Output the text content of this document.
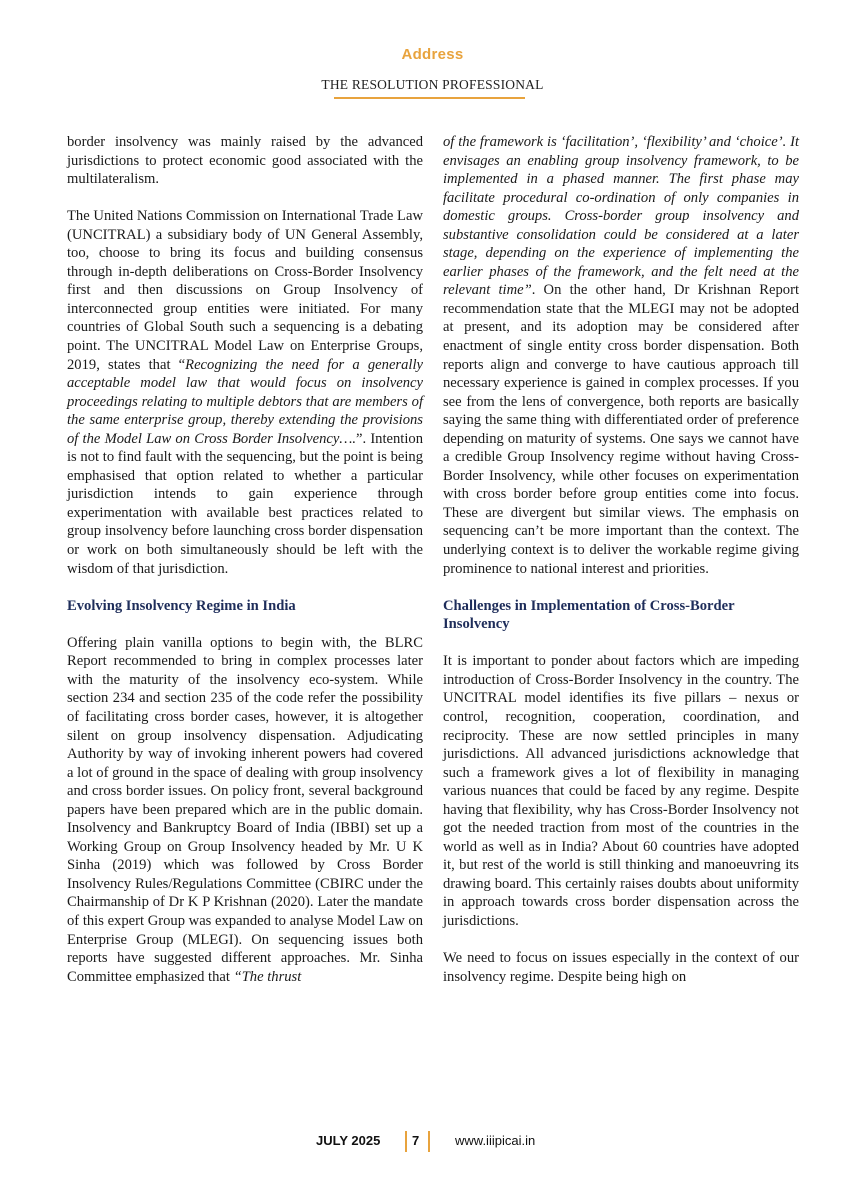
Address
THE RESOLUTION PROFESSIONAL

border insolvency was mainly raised by the advanced jurisdictions to protect economic good associated with the multilateralism.

The United Nations Commission on International Trade Law (UNCITRAL) a subsidiary body of UN General Assembly, too, choose to bring its focus and building consensus through in-depth deliberations on Cross-Border Insolvency first and then discussions on Group Insolvency of interconnected group entities were initiated. For many countries of Global South such a sequencing is a debating point. The UNCITRAL Model Law on Enterprise Groups, 2019, states that “Recognizing the need for a generally acceptable model law that would focus on insolvency proceedings relating to multiple debtors that are members of the same enterprise group, thereby extending the provisions of the Model Law on Cross Border Insolvency….”. Intention is not to find fault with the sequencing, but the point is being emphasised that option related to whether a particular jurisdiction intends to gain experience through experimentation with available best practices related to group insolvency before launching cross border dispensation or work on both simultaneously should be left with the wisdom of that jurisdiction.

Evolving Insolvency Regime in India

Offering plain vanilla options to begin with, the BLRC Report recommended to bring in complex processes later with the maturity of the insolvency eco-system. While section 234 and section 235 of the code refer the possibility of facilitating cross border cases, however, it is altogether silent on group insolvency dispensation. Adjudicating Authority by way of invoking inherent powers had covered a lot of ground in the space of dealing with group insolvency and cross border issues. On policy front, several background papers have been prepared which are in the public domain. Insolvency and Bankruptcy Board of India (IBBI) set up a Working Group on Group Insolvency headed by Mr. U K Sinha (2019) which was followed by Cross Border Insolvency Rules/Regulations Committee (CBIRC under the Chairmanship of Dr K P Krishnan (2020). Later the mandate of this expert Group was expanded to analyse Model Law on Enterprise Group (MLEGI). On sequencing issues both reports have suggested different approaches. Mr. Sinha Committee emphasized that “The thrust

of the framework is ‘facilitation’, ‘flexibility’ and ‘choice’. It envisages an enabling group insolvency framework, to be implemented in a phased manner. The first phase may facilitate procedural co-ordination of only companies in domestic groups. Cross-border group insolvency and substantive consolidation could be considered at a later stage, depending on the experience of implementing the earlier phases of the framework, and the felt need at the relevant time”. On the other hand, Dr Krishnan Report recommendation state that the MLEGI may not be adopted at present, and its adoption may be considered after enactment of single entity cross border dispensation. Both reports align and converge to have cautious approach till necessary experience is gained in complex processes. If you see from the lens of convergence, both reports are basically saying the same thing with differentiated order of preference depending on maturity of systems. One says we cannot have a credible Group Insolvency regime without having Cross-Border Insolvency, while other focuses on experimentation with cross border before group entities come into focus. These are divergent but similar views. The emphasis on sequencing can’t be more important than the context. The underlying context is to deliver the workable regime giving prominence to national interest and priorities.

Challenges in Implementation of Cross-Border Insolvency

It is important to ponder about factors which are impeding introduction of Cross-Border Insolvency in the country. The UNCITRAL model identifies its five pillars – nexus or control, recognition, cooperation, coordination, and reciprocity. These are now settled principles in many jurisdictions. All advanced jurisdictions acknowledge that such a framework gives a lot of flexibility in managing various nuances that could be faced by any regime. Despite having that flexibility, why has Cross-Border Insolvency not got the needed traction from most of the countries in the world as well as in India? About 60 countries have adopted it, but rest of the world is still thinking and manoeuvring its drawing board. This certainly raises doubts about uniformity in approach towards cross border dispensation across the jurisdictions.

We need to focus on issues especially in the context of our insolvency regime. Despite being high on

JULY 2025 7	www.iiipicai.in
